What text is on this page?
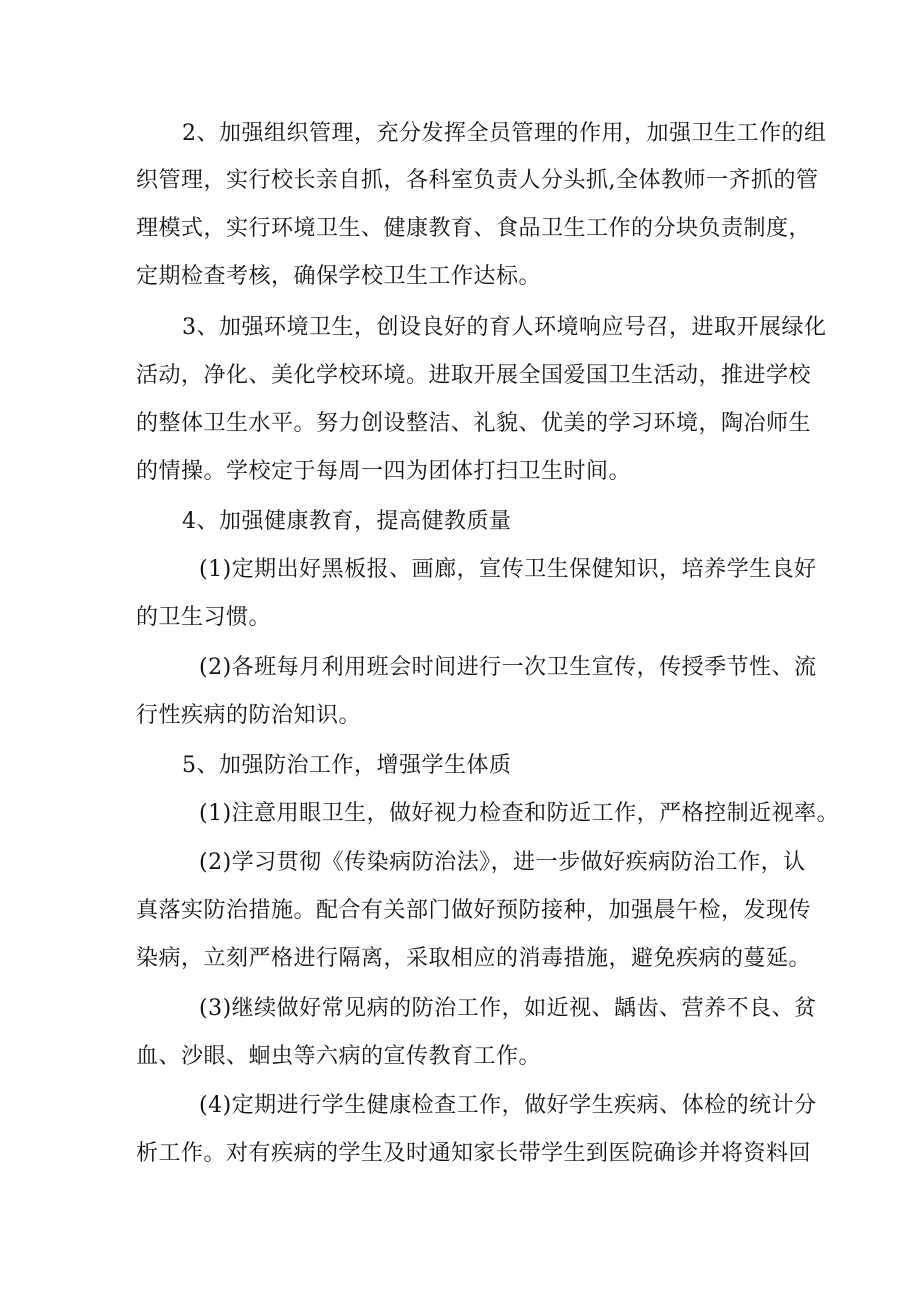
2、加强组织管理，充分发挥全员管理的作用，加强卫生工作的组
织管理，实行校长亲自抓，各科室负责人分头抓,全体教师一齐抓的管
理模式，实行环境卫生、健康教育、食品卫生工作的分块负责制度，
定期检查考核，确保学校卫生工作达标。
3、加强环境卫生，创设良好的育人环境响应号召，进取开展绿化
活动，净化、美化学校环境。进取开展全国爱国卫生活动，推进学校
的整体卫生水平。努力创设整洁、礼貌、优美的学习环境，陶冶师生
的情操。学校定于每周一四为团体打扫卫生时间。
4、加强健康教育，提高健教质量
(1)定期出好黑板报、画廊，宣传卫生保健知识，培养学生良好
的卫生习惯。
(2)各班每月利用班会时间进行一次卫生宣传，传授季节性、流
行性疾病的防治知识。
5、加强防治工作，增强学生体质
(1)注意用眼卫生，做好视力检查和防近工作，严格控制近视率。
(2)学习贯彻《传染病防治法》，进一步做好疾病防治工作，认
真落实防治措施。配合有关部门做好预防接种，加强晨午检，发现传
染病，立刻严格进行隔离，采取相应的消毒措施，避免疾病的蔓延。
(3)继续做好常见病的防治工作，如近视、龋齿、营养不良、贫
血、沙眼、蛔虫等六病的宣传教育工作。
(4)定期进行学生健康检查工作，做好学生疾病、体检的统计分
析工作。对有疾病的学生及时通知家长带学生到医院确诊并将资料回
